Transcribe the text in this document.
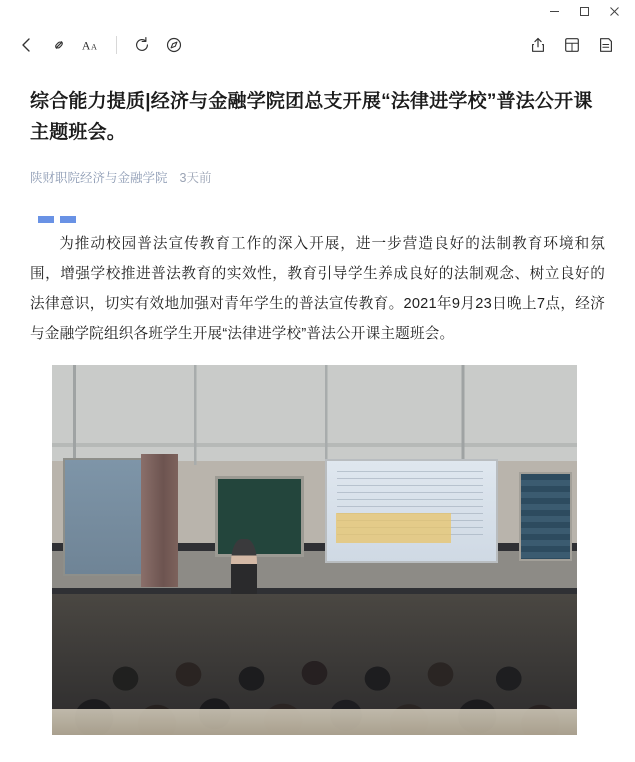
A A
综合能力提质|经济与金融学院团总支开展“法律进学校”普法公开课主题班会。
陕财职院经济与金融学院 3天前

为推动校园普法宣传教育工作的深入开展，进一步营造良好的法制教育环境和氛围，增强学校推进普法教育的实效性，教育引导学生养成良好的法制观念、树立良好的法律意识，切实有效地加强对青年学生的普法宣传教育。2021年9月23日晚上7点，经济与金融学院组织各班学生开展“法律进学校”普法公开课主题班会。
